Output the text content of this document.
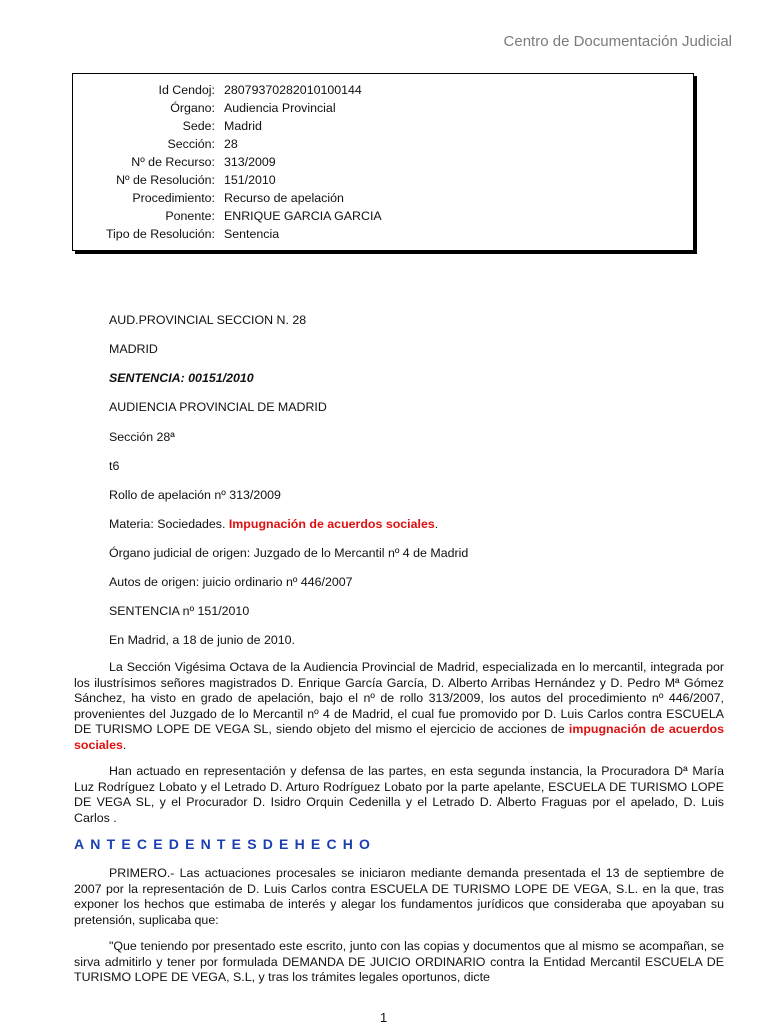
Centro de Documentación Judicial
Id Cendoj: 28079370282010100144
Órgano: Audiencia Provincial
Sede: Madrid
Sección: 28
Nº de Recurso: 313/2009
Nº de Resolución: 151/2010
Procedimiento: Recurso de apelación
Ponente: ENRIQUE GARCIA GARCIA
Tipo de Resolución: Sentencia
AUD.PROVINCIAL SECCION N. 28
MADRID
SENTENCIA: 00151/2010
AUDIENCIA PROVINCIAL DE MADRID
Sección 28ª
t6
Rollo de apelación nº 313/2009
Materia: Sociedades. Impugnación de acuerdos sociales.
Órgano judicial de origen: Juzgado de lo Mercantil nº 4 de Madrid
Autos de origen: juicio ordinario nº 446/2007
SENTENCIA nº 151/2010
En Madrid, a 18 de junio de 2010.
La Sección Vigésima Octava de la Audiencia Provincial de Madrid, especializada en lo mercantil, integrada por los ilustrísimos señores magistrados D. Enrique García García, D. Alberto Arribas Hernández y D. Pedro Mª Gómez Sánchez, ha visto en grado de apelación, bajo el nº de rollo 313/2009, los autos del procedimiento nº 446/2007, provenientes del Juzgado de lo Mercantil nº 4 de Madrid, el cual fue promovido por D. Luis Carlos contra ESCUELA DE TURISMO LOPE DE VEGA SL, siendo objeto del mismo el ejercicio de acciones de impugnación de acuerdos sociales.
Han actuado en representación y defensa de las partes, en esta segunda instancia, la Procuradora Dª María Luz Rodríguez Lobato y el Letrado D. Arturo Rodríguez Lobato por la parte apelante, ESCUELA DE TURISMO LOPE DE VEGA SL, y el Procurador D. Isidro Orquin Cedenilla y el Letrado D. Alberto Fraguas por el apelado, D. Luis Carlos .
ANTECEDENTESDEHECHO
PRIMERO.- Las actuaciones procesales se iniciaron mediante demanda presentada el 13 de septiembre de 2007 por la representación de D. Luis Carlos contra ESCUELA DE TURISMO LOPE DE VEGA, S.L. en la que, tras exponer los hechos que estimaba de interés y alegar los fundamentos jurídicos que consideraba que apoyaban su pretensión, suplicaba que:
"Que teniendo por presentado este escrito, junto con las copias y documentos que al mismo se acompañan, se sirva admitirlo y tener por formulada DEMANDA DE JUICIO ORDINARIO contra la Entidad Mercantil ESCUELA DE TURISMO LOPE DE VEGA, S.L, y tras los trámites legales oportunos, dicte
1
